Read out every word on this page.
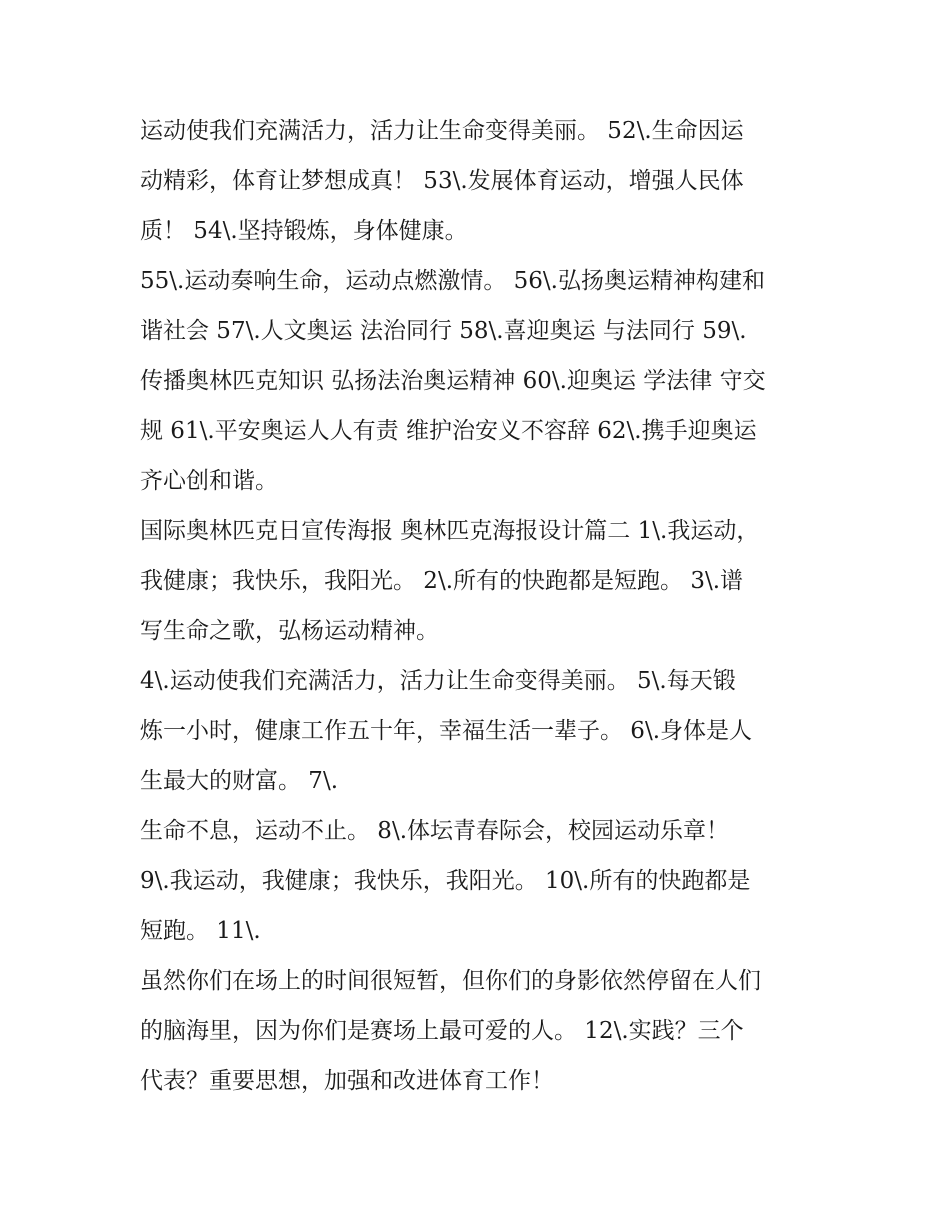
运动使我们充满活力，活力让生命变得美丽。 52\.生命因运
动精彩，体育让梦想成真！ 53\.发展体育运动，增强人民体
质！ 54\.坚持锻炼，身体健康。

55\.运动奏响生命，运动点燃激情。 56\.弘扬奥运精神构建和
谐社会 57\.人文奥运 法治同行 58\.喜迎奥运 与法同行 59\.
传播奥林匹克知识 弘扬法治奥运精神 60\.迎奥运 学法律 守交
规 61\.平安奥运人人有责 维护治安义不容辞 62\.携手迎奥运
齐心创和谐。

国际奥林匹克日宣传海报 奥林匹克海报设计篇二 1\.我运动，
我健康；我快乐，我阳光。 2\.所有的快跑都是短跑。 3\.谱
写生命之歌，弘杨运动精神。

4\.运动使我们充满活力，活力让生命变得美丽。 5\.每天锻
炼一小时，健康工作五十年，幸福生活一辈子。 6\.身体是人
生最大的财富。 7\.

生命不息，运动不止。 8\.体坛青春际会，校园运动乐章！

9\.我运动，我健康；我快乐，我阳光。 10\.所有的快跑都是
短跑。 11\.

虽然你们在场上的时间很短暂，但你们的身影依然停留在人们
的脑海里，因为你们是赛场上最可爱的人。 12\.实践？三个
代表？重要思想，加强和改进体育工作！
